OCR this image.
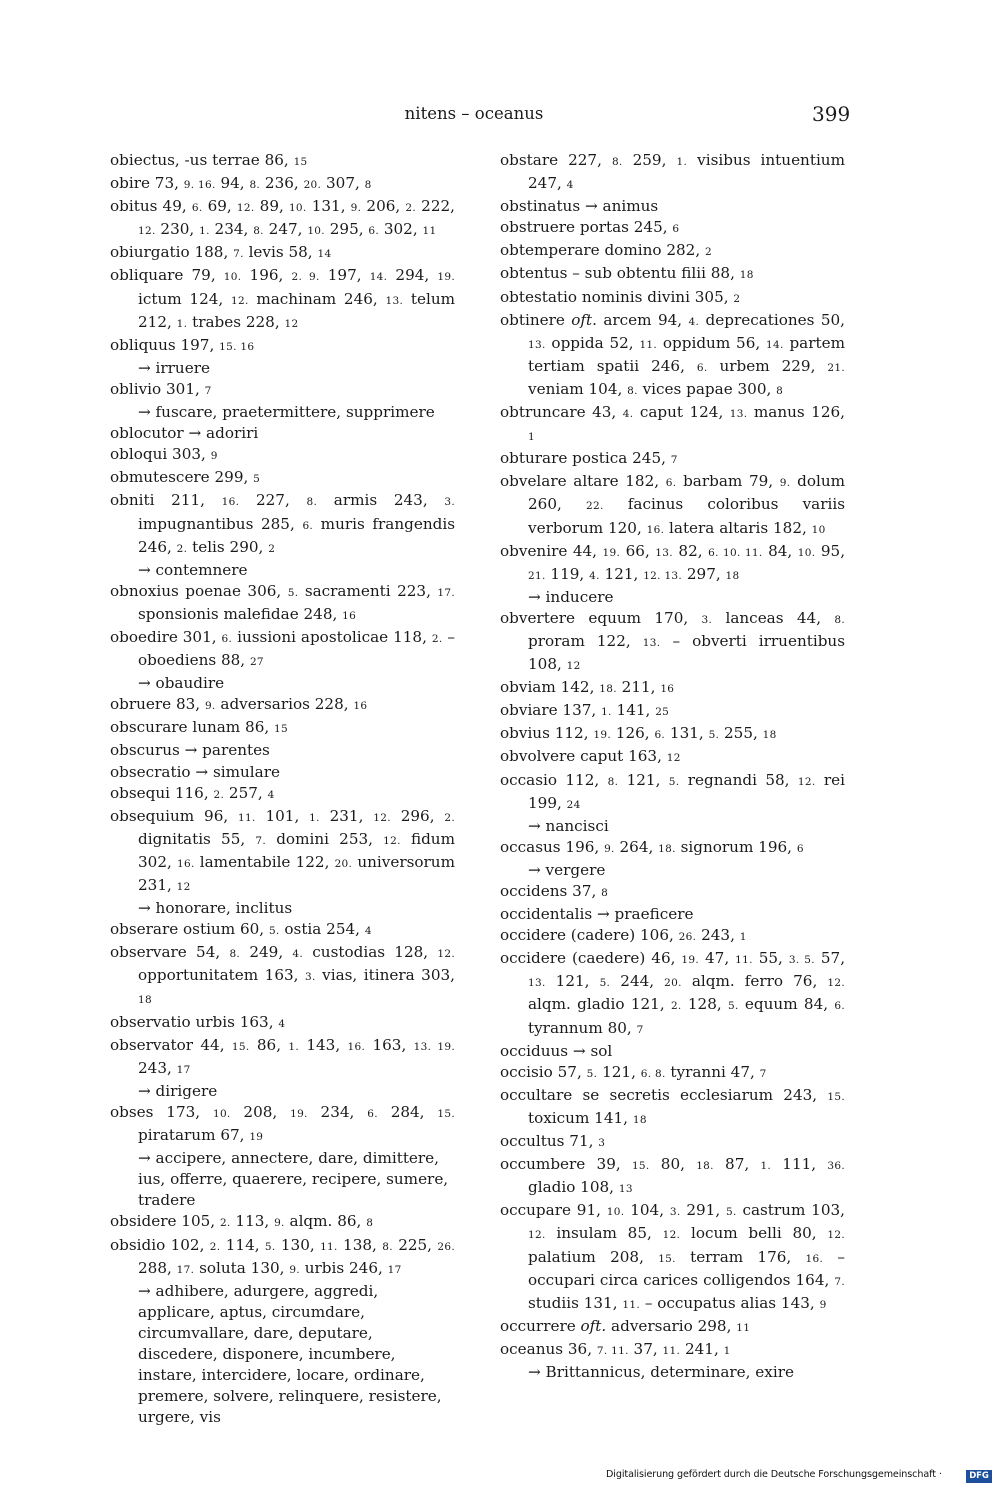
nitens – oceanus	399
obiectus, -us terrae 86, 15
obire 73, 9. 16. 94, 8. 236, 20. 307, 8
obitus 49, 6. 69, 12. 89, 10. 131, 9. 206, 2. 222, 12. 230, 1. 234, 8. 247, 10. 295, 6. 302, 11
obiurgatio 188, 7. levis 58, 14
obliquare 79, 10. 196, 2. 9. 197, 14. 294, 19. ictum 124, 12. machinam 246, 13. telum 212, 1. trabes 228, 12
obliquus 197, 15. 16
→ irruere
oblivio 301, 7
→ fuscare, praetermittere, supprimere
oblocutor → adoriri
obloqui 303, 9
obmutescere 299, 5
obniti 211, 16. 227, 8. armis 243, 3. impugnantibus 285, 6. muris frangendis 246, 2. telis 290, 2
→ contemnere
obnoxius poenae 306, 5. sacramenti 223, 17. sponsionis malefidae 248, 16
oboedire 301, 6. iussioni apostolicae 118, 2. – oboediens 88, 27
→ obaudire
obruere 83, 9. adversarios 228, 16
obscurare lunam 86, 15
obscurus → parentes
obsecratio → simulare
obsequi 116, 2. 257, 4
obsequium 96, 11. 101, 1. 231, 12. 296, 2. dignitatis 55, 7. domini 253, 12. fidum 302, 16. lamentabile 122, 20. universorum 231, 12
→ honorare, inclitus
obserare ostium 60, 5. ostia 254, 4
observare 54, 8. 249, 4. custodias 128, 12. opportunitatem 163, 3. vias, itinera 303, 18
observatio urbis 163, 4
observator 44, 15. 86, 1. 143, 16. 163, 13. 19. 243, 17
→ dirigere
obses 173, 10. 208, 19. 234, 6. 284, 15. piratarum 67, 19
→ accipere, annectere, dare, dimittere, ius, offerre, quaerere, recipere, sumere, tradere
obsidere 105, 2. 113, 9. alqm. 86, 8
obsidio 102, 2. 114, 5. 130, 11. 138, 8. 225, 26. 288, 17. soluta 130, 9. urbis 246, 17
→ adhibere, adurgere, aggredi, applicare, aptus, circumdare, circumvallare, dare, deputare, discedere, disponere, incumbere, instare, intercidere, locare, ordinare, premere, solvere, relinquere, resistere, urgere, vis
obstare 227, 8. 259, 1. visibus intuentium 247, 4
obstinatus → animus
obstruere portas 245, 6
obtemperare domino 282, 2
obtentus – sub obtentu filii 88, 18
obtestatio nominis divini 305, 2
obtinere oft. arcem 94, 4. deprecationes 50, 13. oppida 52, 11. oppidum 56, 14. partem tertiam spatii 246, 6. urbem 229, 21. veniam 104, 8. vices papae 300, 8
obtruncare 43, 4. caput 124, 13. manus 126, 1
obturare postica 245, 7
obvelare altare 182, 6. barbam 79, 9. dolum 260, 22. facinus coloribus variis verborum 120, 16. latera altaris 182, 10
obvenire 44, 19. 66, 13. 82, 6. 10. 11. 84, 10. 95, 21. 119, 4. 121, 12. 13. 297, 18
→ inducere
obvertere equum 170, 3. lanceas 44, 8. proram 122, 13. – obverti irruentibus 108, 12
obviam 142, 18. 211, 16
obviare 137, 1. 141, 25
obvius 112, 19. 126, 6. 131, 5. 255, 18
obvolvere caput 163, 12
occasio 112, 8. 121, 5. regnandi 58, 12. rei 199, 24
→ nancisci
occasus 196, 9. 264, 18. signorum 196, 6
→ vergere
occidens 37, 8
occidentalis → praeficere
occidere (cadere) 106, 26. 243, 1
occidere (caedere) 46, 19. 47, 11. 55, 3. 5. 57, 13. 121, 5. 244, 20. alqm. ferro 76, 12. alqm. gladio 121, 2. 128, 5. equum 84, 6. tyrannum 80, 7
occiduus → sol
occisio 57, 5. 121, 6. 8. tyranni 47, 7
occultare se secretis ecclesiarum 243, 15. toxicum 141, 18
occultus 71, 3
occumbere 39, 15. 80, 18. 87, 1. 111, 36. gladio 108, 13
occupare 91, 10. 104, 3. 291, 5. castrum 103, 12. insulam 85, 12. locum belli 80, 12. palatium 208, 15. terram 176, 16. – occupari circa carices colligendos 164, 7. studiis 131, 11. – occupatus alias 143, 9
occurrere oft. adversario 298, 11
oceanus 36, 7. 11. 37, 11. 241, 1
→ Brittannicus, determinare, exire
Digitalisierung gefördert durch die Deutsche Forschungsgemeinschaft ·	DFG
